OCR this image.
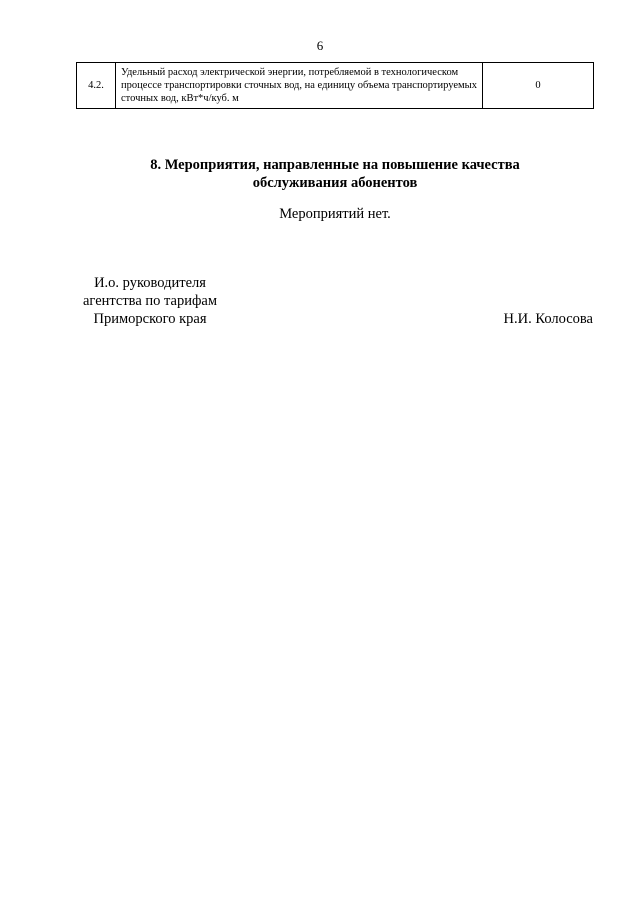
6
4.2.	Удельный расход электрической энергии, потребляемой в технологическом процессе транспортировки сточных вод, на единицу объема транспортируемых сточных вод, кВт*ч/куб. м	0
8. Мероприятия, направленные на повышение качества
обслуживания абонентов
Мероприятий нет.
И.о. руководителя
агентства по тарифам
Приморского края	Н.И. Колосова
